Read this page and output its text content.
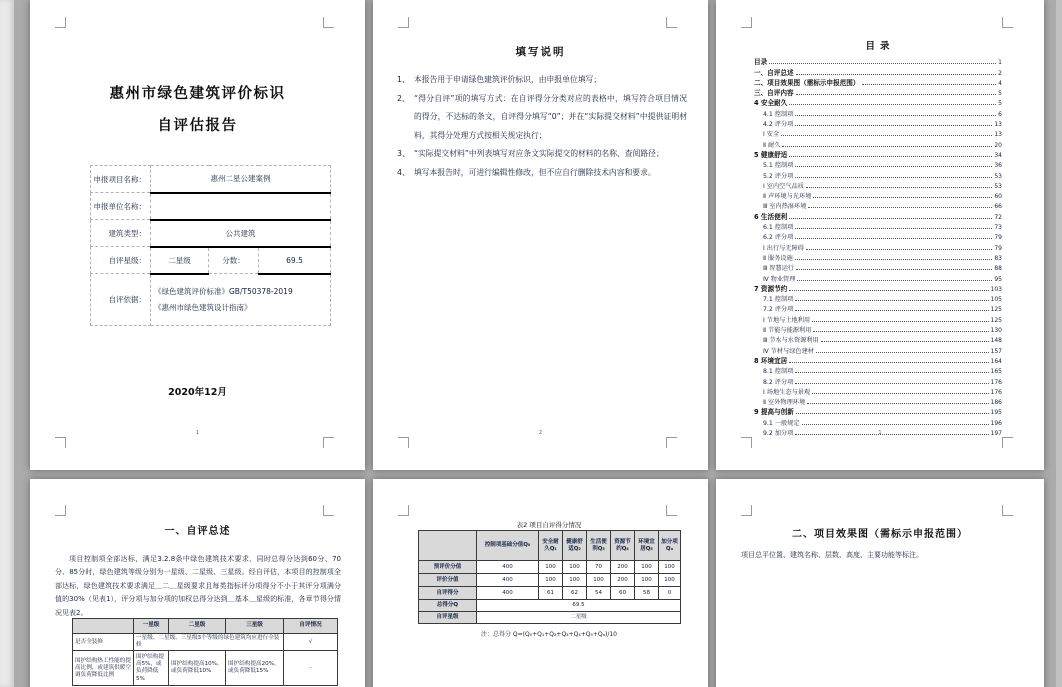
惠州市绿色建筑评价标识
自评估报告
申报项目名称：	惠州二星公建案例		
申报单位名称：			
建筑类型：	公共建筑		
自评星级：	二星级	分数：	69.5
自评依据：	《绿色建筑评价标准》GB/T50378-2019
《惠州市绿色建筑设计指南》		
2020年12月
1
填写说明
1、 本报告用于申请绿色建筑评价标识，由申报单位填写；
2、 “得分自评”项的填写方式：在自评得分分类对应的表格中，填写符合项目情况的得分，不达标的条文，自评得分填写“0”；并在“实际提交材料”中提供证明材料，其得分处理方式按相关规定执行；
3、 “实际提交材料”中列表填写对应条文实际提交的材料的名称、查阅路径；
4、 填写本报告时，可进行编辑性修改，但不应自行删除技术内容和要求。
2
目录
目录	1
一、自评总述	2
二、项目效果图（需标示申报范围）	4
三、自评内容	5
4 安全耐久	5
4.1 控制项	6
4.2 评分项	13
Ⅰ 安全	13
Ⅱ 耐久	20
5 健康舒适	34
5.1 控制项	36
5.2 评分项	53
Ⅰ 室内空气品质	53
Ⅱ 声环境与光环境	60
Ⅲ 室内热湿环境	66
6 生活便利	72
6.1 控制项	73
6.2 评分项	79
Ⅰ 出行与无障碍	79
Ⅱ 服务设施	83
Ⅲ 智慧运行	88
Ⅳ 物业管理	95
7 资源节约	103
7.1 控制项	105
7.2 评分项	125
Ⅰ 节地与土地利用	125
Ⅱ 节能与能源利用	130
Ⅲ 节水与水资源利用	148
Ⅳ 节材与绿色建材	157
8 环境宜居	164
8.1 控制项	165
8.2 评分项	176
Ⅰ 场地生态与景观	176
Ⅱ 室外物理环境	186
9 提高与创新	195
9.1 一般规定	196
9.2 加分项	197
1
一、自评总述
项目控制项全部达标，满足3.2.8条中绿色建筑技术要求，同时总得分达到60分、70分、85分时，绿色建筑等级分别为一星级、二星级、三星级。经自评估，本项目的控制项全部达标，绿色建筑技术要求满足＿二＿星级要求且每类指标评分项得分不小于其评分项满分值的30%（见表1），评分项与加分项的加权总得分达到＿基本＿星级的标准，各章节得分情况见表2。
	一星级	二星级	三星级	自评情况
是否全装修	一星级、二星级、三星级3个等级的绿色建筑均应进行全装修			√
围护结构热工性能的提高比例，或建筑供暖空调负荷降低比例	围护结构提高5%，或负荷降低5%	围护结构提高10%，或负荷降低10%	围护结构提高20%，或负荷降低15%	-
表2 项目自评得分情况
	控制项基础分值Q₀	安全耐久Q₁	健康舒适Q₂	生活便利Q₃	资源节约Q₄	环境宜居Q₅	加分项Qₐ
预评价分值	400	100	100	70	200	100	100
评价分值	400	100	100	100	200	100	100
自评得分	400	61	62	54	60	58	0
总得分Q	69.5						
自评星级	二星级						
注：总得分 Q=(Q₀+Q₁+Q₂+Q₃+Q₄+Q₅+Qₐ)/10
二、项目效果图（需标示申报范围）
项目总平位置、建筑名称、层数、高度、主要功能等标注。
